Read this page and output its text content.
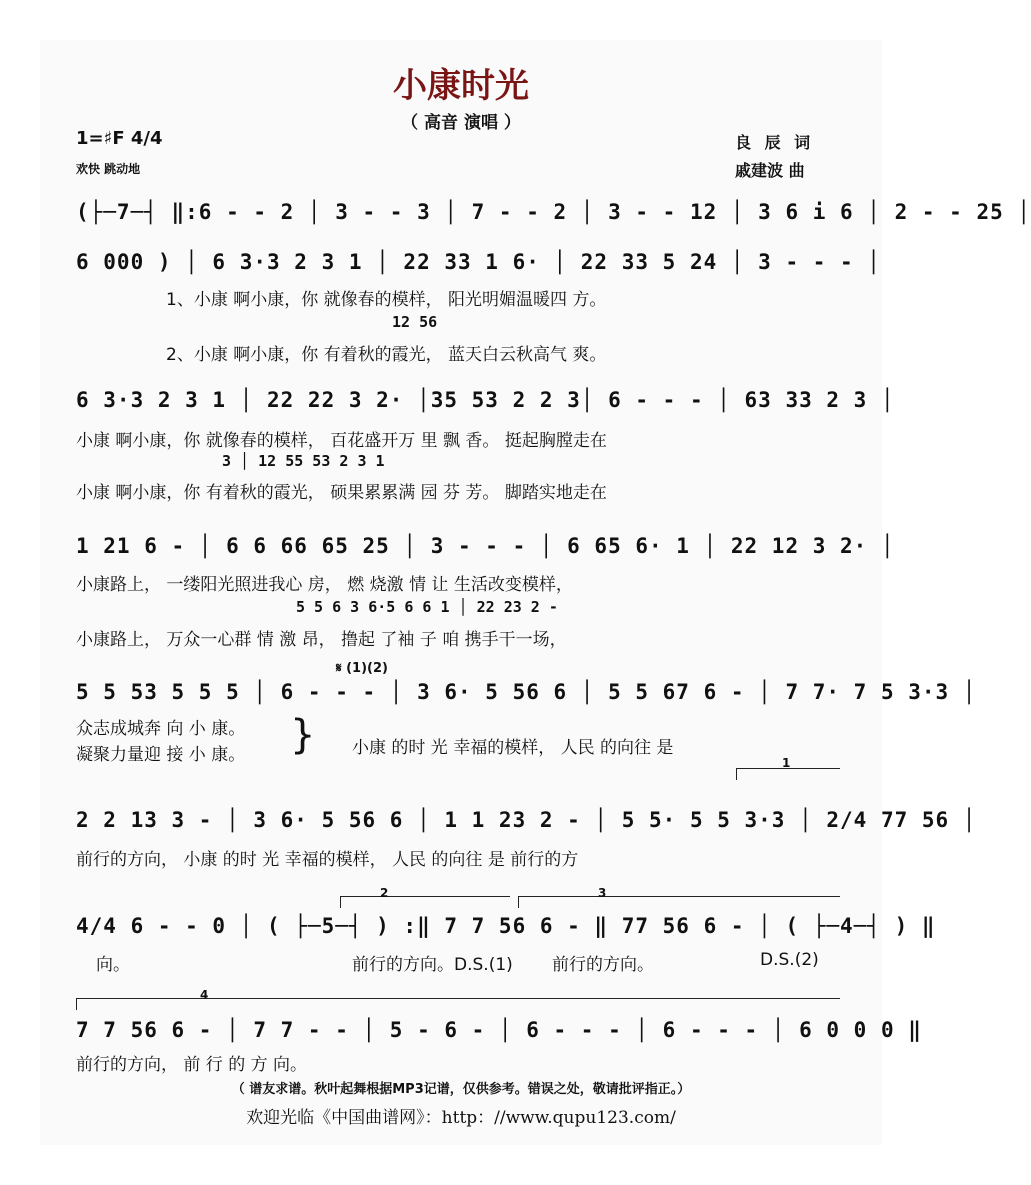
小康时光
（ 高音 演唱 ）
1=♯F 4/4
欢快 跳动地
良 辰 词
戚建波 曲
(├─7─┤ ‖:6 - - 2 │ 3 - - 3 │ 7 - - 2 │ 3 - - 12 │ 3 6 i 6 │ 2 - - 25 │
6 000 ) │ 6 3·3 2 3 1 │ 22 33 1 6· │ 22 33 5 24 │ 3 - - - │
1、小康 啊小康，你 就像春的模样， 阳光明媚温暖四 方。
12 56
2、小康 啊小康，你 有着秋的霞光， 蓝天白云秋高气 爽。
6 3·3 2 3 1 │ 22 22 3 2· │35 53 2 2 3│ 6 - - - │ 63 33 2 3 │
小康 啊小康，你 就像春的模样， 百花盛开万 里 飘 香。 挺起胸膛走在
3 │ 12 55 53 2 3 1
小康 啊小康，你 有着秋的霞光， 硕果累累满 园 芬 芳。 脚踏实地走在
1 21 6 - │ 6 6 66 65 25 │ 3 - - - │ 6 65 6· 1 │ 22 12 3 2· │
小康路上， 一缕阳光照进我心 房， 燃 烧激 情 让 生活改变模样，
5 5 6 3 6·5 6 6 1 │ 22 23 2 -
小康路上， 万众一心群 情 激 昂， 撸起 了袖 子 咱 携手干一场，
𝄋 (1)(2)
5 5 53 5 5 5 │ 6 - - - │ 3 6· 5 56 6 │ 5 5 67 6 - │ 7 7· 7 5 3·3 │
众志成城奔 向 小 康。
凝聚力量迎 接 小 康。 } 小康 的时 光 幸福的模样， 人民 的向往 是
1
2 2 13 3 - │ 3 6· 5 56 6 │ 1 1 23 2 - │ 5 5· 5 5 3·3 │ 2/4 77 56 │
前行的方向， 小康 的时 光 幸福的模样， 人民 的向往 是 前行的方
2	3
4/4 6 - - 0 │ ( ├─5─┤ ) :‖ 7 7 56 6 - ‖ 77 56 6 - │ ( ├─4─┤ ) ‖
向。	前行的方向。D.S.(1) 前行的方向。	D.S.(2)
4
7 7 56 6 - │ 7 7 - - │ 5 - 6 - │ 6 - - - │ 6 - - - │ 6 0 0 0 ‖
前行的方向， 前 行 的 方 向。
（ 谱友求谱。秋叶起舞根据MP3记谱，仅供参考。错误之处，敬请批评指正。）
欢迎光临《中国曲谱网》：http：//www.qupu123.com/
